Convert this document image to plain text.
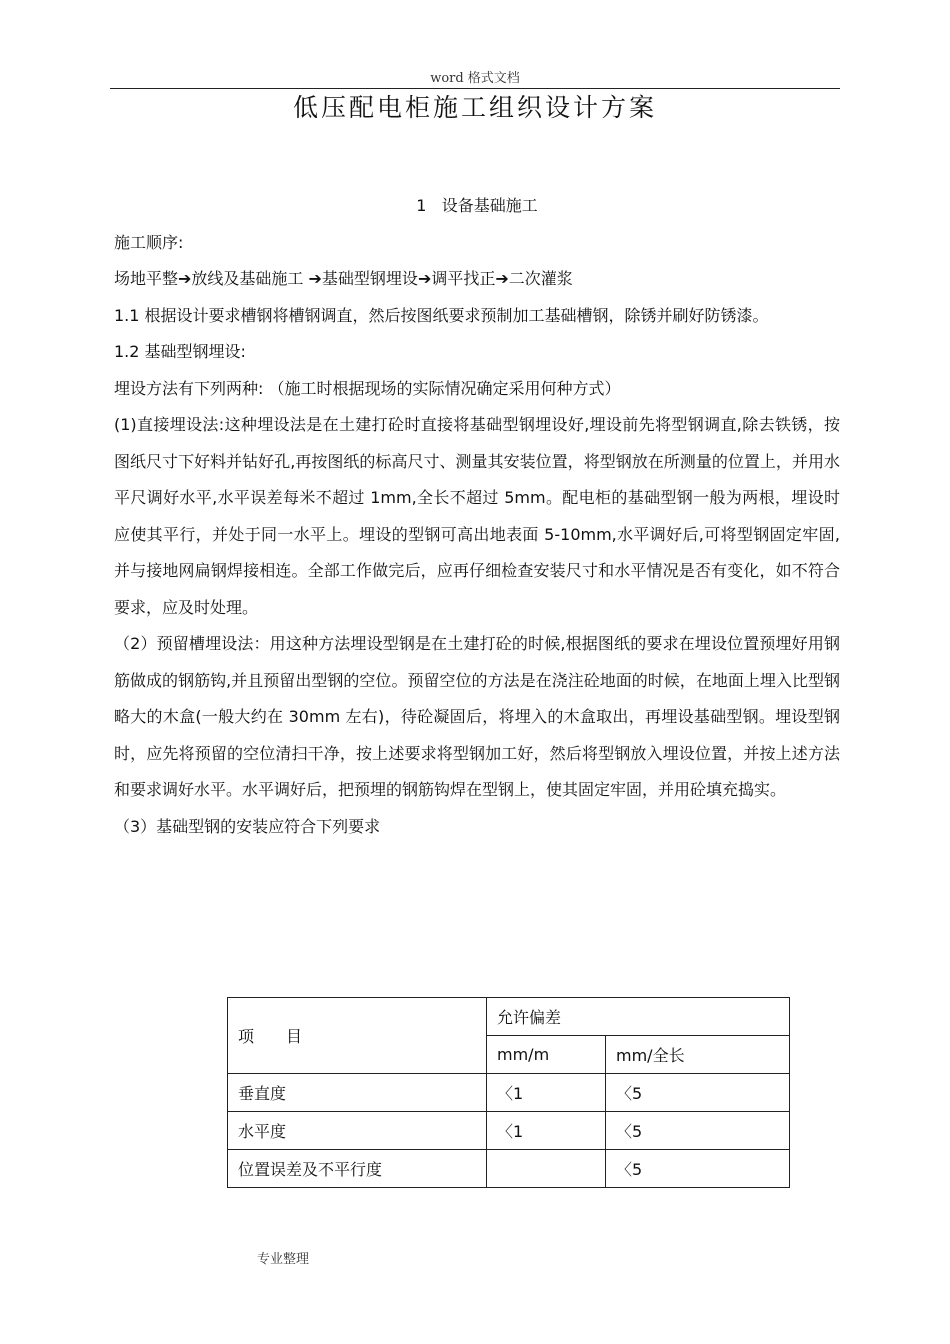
word 格式文档
低压配电柜施工组织设计方案

1 设备基础施工

施工顺序:

场地平整➔放线及基础施工 ➔基础型钢埋设➔调平找正➔二次灌浆

1.1 根据设计要求槽钢将槽钢调直，然后按图纸要求预制加工基础槽钢，除锈并刷好防锈漆。

1.2 基础型钢埋设:

埋设方法有下列两种: （施工时根据现场的实际情况确定采用何种方式）

(1)直接埋设法:这种埋设法是在土建打砼时直接将基础型钢埋设好,埋设前先将型钢调直,除去铁锈，按图纸尺寸下好料并钻好孔,再按图纸的标高尺寸、测量其安装位置，将型钢放在所测量的位置上，并用水平尺调好水平,水平误差每米不超过 1mm,全长不超过 5mm。配电柜的基础型钢一般为两根，埋设时应使其平行，并处于同一水平上。埋设的型钢可高出地表面 5-10mm,水平调好后,可将型钢固定牢固,并与接地网扁钢焊接相连。全部工作做完后，应再仔细检查安装尺寸和水平情况是否有变化，如不符合要求，应及时处理。

（2）预留槽埋设法：用这种方法埋设型钢是在土建打砼的时候,根据图纸的要求在埋设位置预埋好用钢筋做成的钢筋钩,并且预留出型钢的空位。预留空位的方法是在浇注砼地面的时候，在地面上埋入比型钢略大的木盒(一般大约在 30mm 左右)，待砼凝固后，将埋入的木盒取出，再埋设基础型钢。埋设型钢时，应先将预留的空位清扫干净，按上述要求将型钢加工好，然后将型钢放入埋设位置，并按上述方法和要求调好水平。水平调好后，把预埋的钢筋钩焊在型钢上，使其固定牢固，并用砼填充捣实。

（3）基础型钢的安装应符合下列要求

项　　目	允许偏差	
	mm/m	mm/全长
垂直度	〈1	〈5
水平度	〈1	〈5
位置误差及不平行度		〈5
专业整理
